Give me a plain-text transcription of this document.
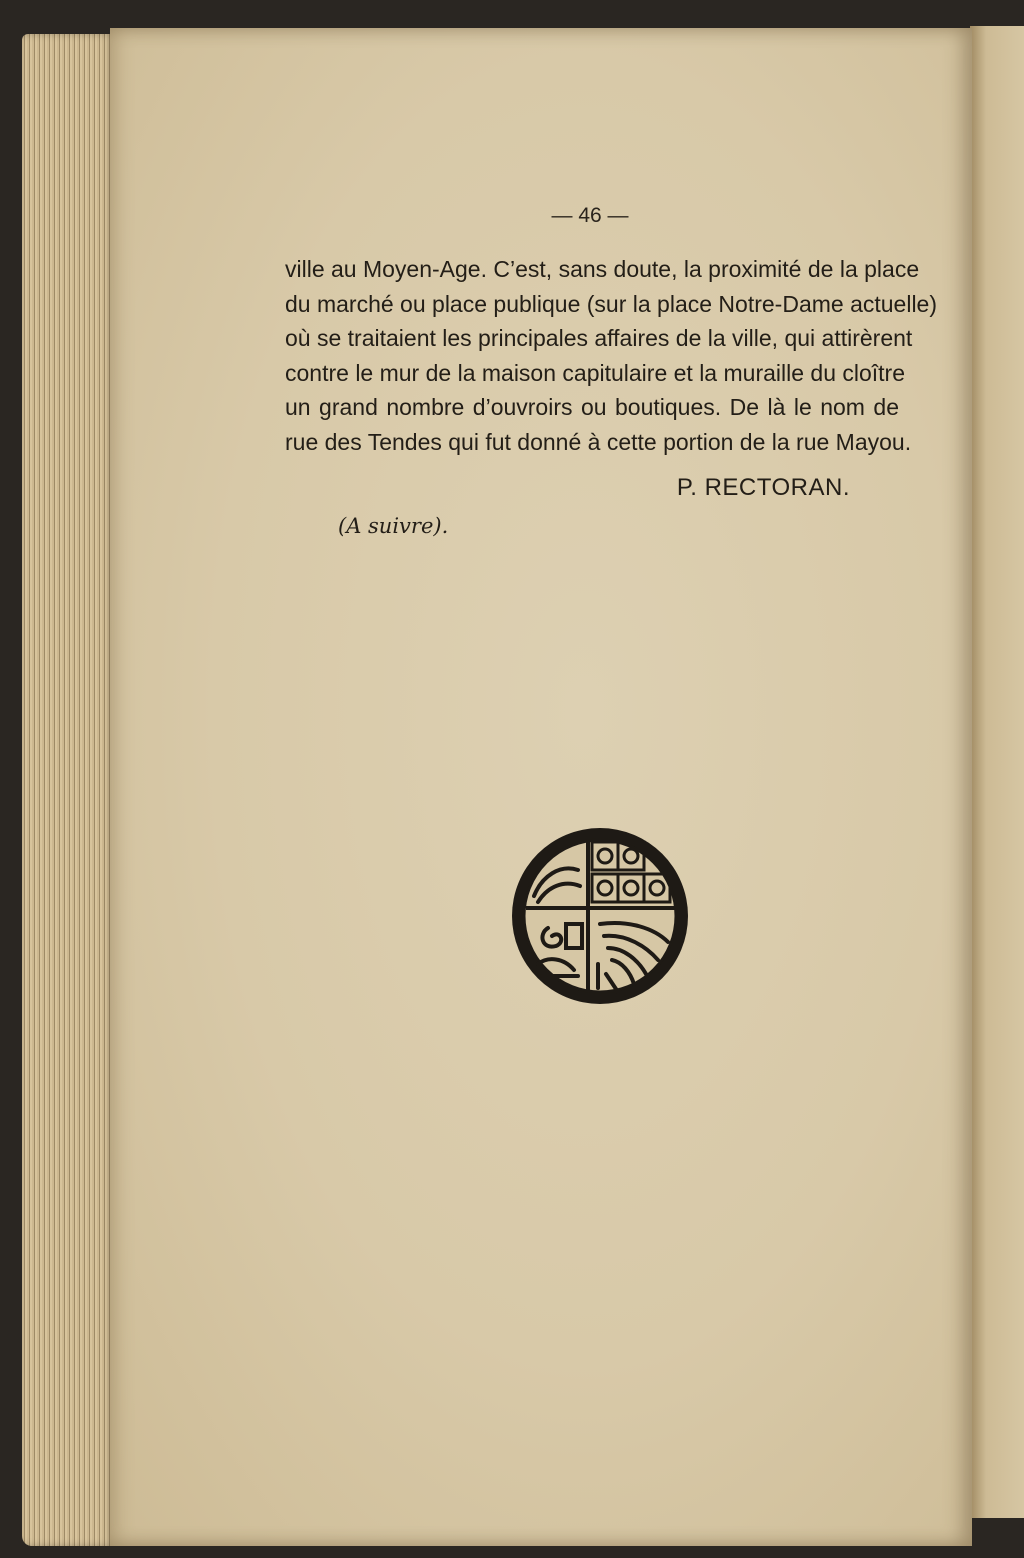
— 46 —
ville au Moyen-Age. C’est, sans doute, la proximité de la place
du marché ou place publique (sur la place Notre-Dame actuelle)
où se traitaient les principales affaires de la ville, qui attirèrent
contre le mur de la maison capitulaire et la muraille du cloître
un grand nombre d’ouvroirs ou boutiques. De là le nom de
rue des Tendes qui fut donné à cette portion de la rue Mayou.
P. RECTORAN.
(A suivre).
